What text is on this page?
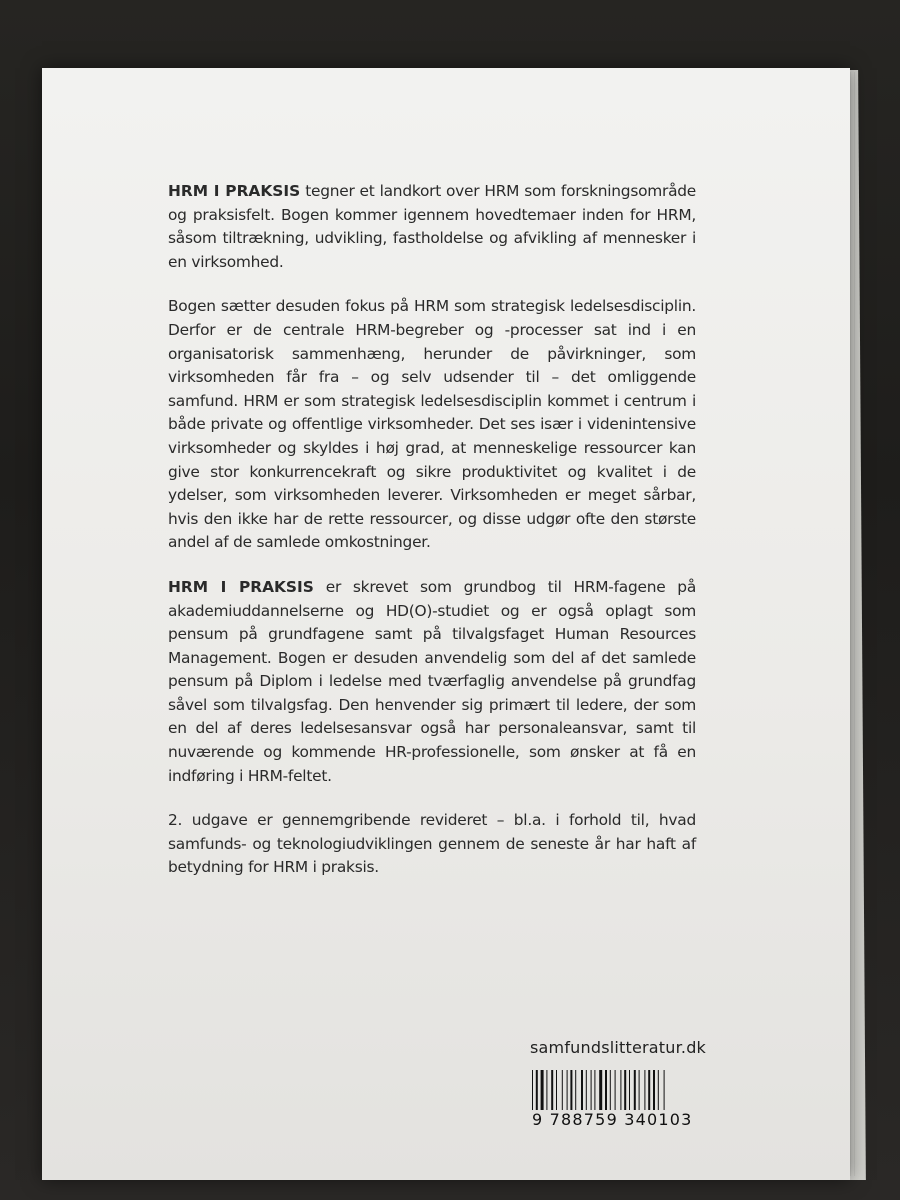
HRM I PRAKSIS tegner et landkort over HRM som forskningsområde og praksisfelt. Bogen kommer igennem hovedtemaer inden for HRM, såsom tiltrækning, udvikling, fastholdelse og afvikling af mennesker i en virksomhed.

Bogen sætter desuden fokus på HRM som strategisk ledelsesdisciplin. Derfor er de centrale HRM-begreber og -processer sat ind i en organisatorisk sammenhæng, herunder de påvirkninger, som virksomheden får fra – og selv udsender til – det omliggende samfund. HRM er som strategisk ledelsesdisciplin kommet i centrum i både private og offentlige virksomheder. Det ses især i videnintensive virksomheder og skyldes i høj grad, at menneskelige ressourcer kan give stor konkurrencekraft og sikre produktivitet og kvalitet i de ydelser, som virksomheden leverer. Virksomheden er meget sårbar, hvis den ikke har de rette ressourcer, og disse udgør ofte den største andel af de samlede omkostninger.

HRM I PRAKSIS er skrevet som grundbog til HRM-fagene på akademiuddannelserne og HD(O)-studiet og er også oplagt som pensum på grundfagene samt på tilvalgsfaget Human Resources Management. Bogen er desuden anvendelig som del af det samlede pensum på Diplom i ledelse med tværfaglig anvendelse på grundfag såvel som tilvalgsfag. Den henvender sig primært til ledere, der som en del af deres ledelsesansvar også har personaleansvar, samt til nuværende og kommende HR-professionelle, som ønsker at få en indføring i HRM-feltet.

2. udgave er gennemgribende revideret – bl.a. i forhold til, hvad samfunds- og teknologiudviklingen gennem de seneste år har haft af betydning for HRM i praksis.

samfundslitteratur.dk
9 788759 340103
